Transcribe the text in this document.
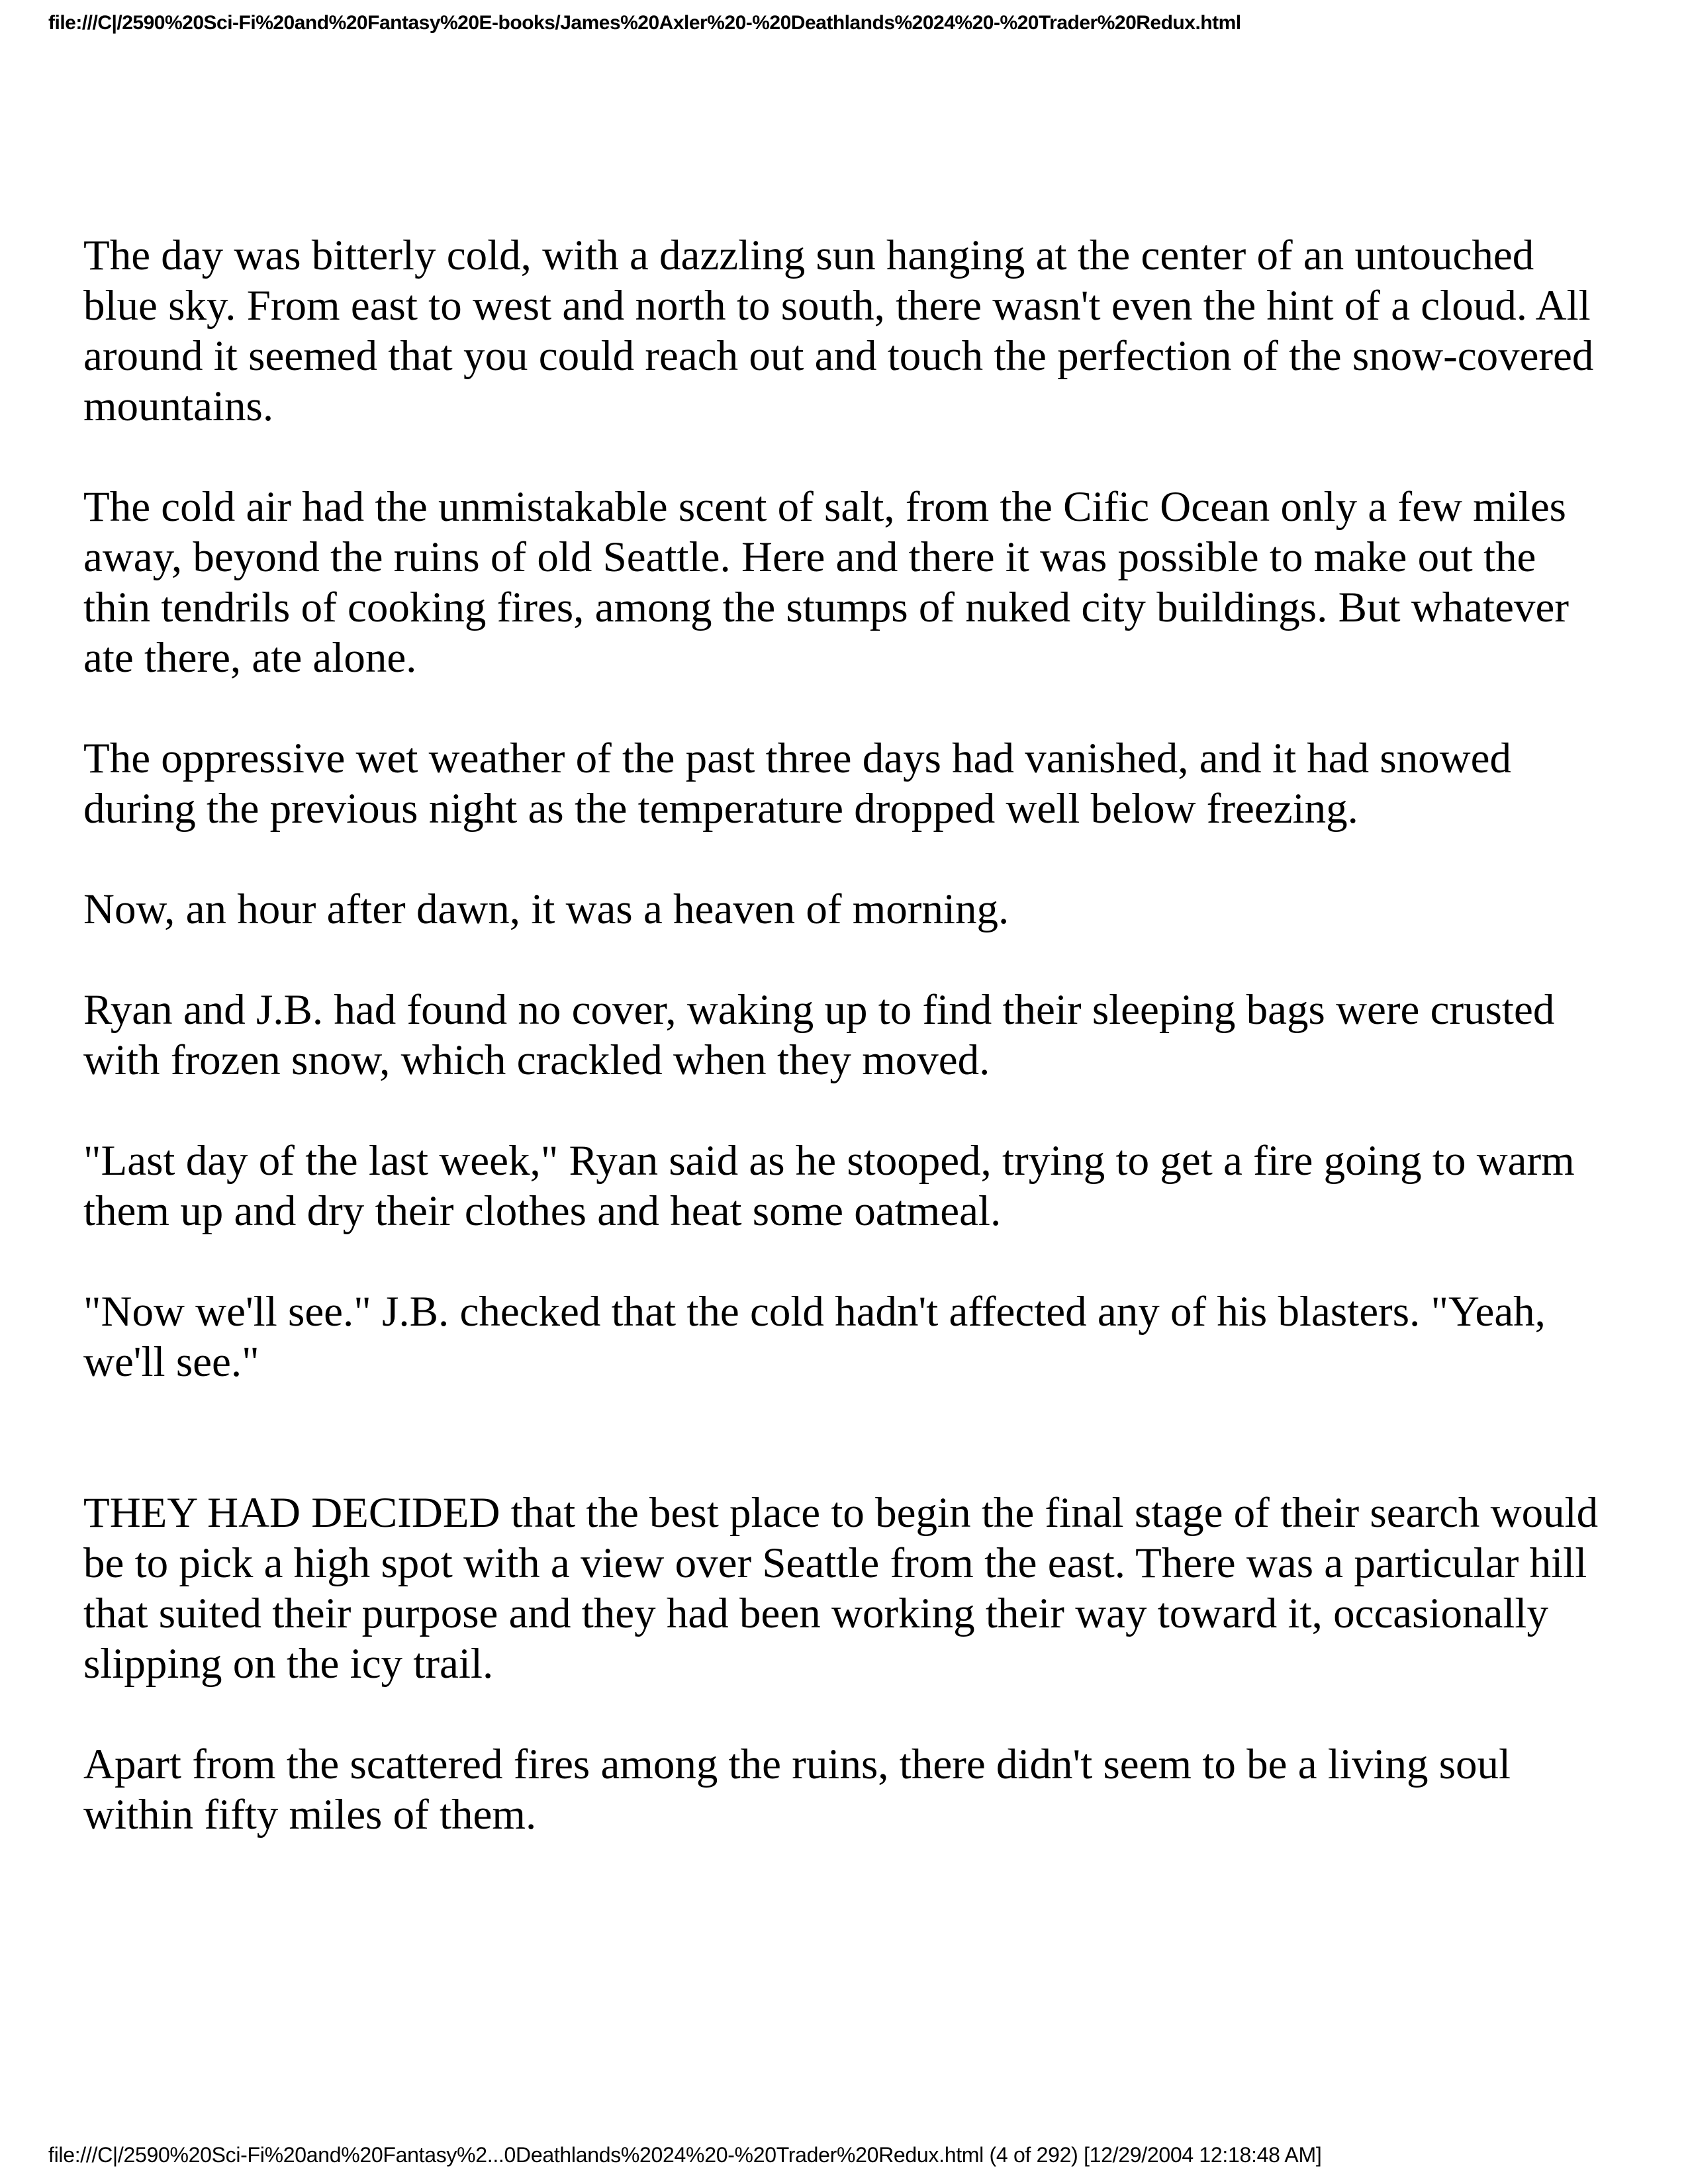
file:///C|/2590%20Sci-Fi%20and%20Fantasy%20E-books/James%20Axler%20-%20Deathlands%2024%20-%20Trader%20Redux.html

The day was bitterly cold, with a dazzling sun hanging at the center of an untouched blue sky. From east to west and north to south, there wasn't even the hint of a cloud. All around it seemed that you could reach out and touch the perfection of the snow-covered mountains.

The cold air had the unmistakable scent of salt, from the Cific Ocean only a few miles away, beyond the ruins of old Seattle. Here and there it was possible to make out the thin tendrils of cooking fires, among the stumps of nuked city buildings. But whatever ate there, ate alone.

The oppressive wet weather of the past three days had vanished, and it had snowed during the previous night as the temperature dropped well below freezing.

Now, an hour after dawn, it was a heaven of morning.

Ryan and J.B. had found no cover, waking up to find their sleeping bags were crusted with frozen snow, which crackled when they moved.

"Last day of the last week," Ryan said as he stooped, trying to get a fire going to warm them up and dry their clothes and heat some oatmeal.

"Now we'll see." J.B. checked that the cold hadn't affected any of his blasters. "Yeah, we'll see."

THEY HAD DECIDED that the best place to begin the final stage of their search would be to pick a high spot with a view over Seattle from the east. There was a particular hill that suited their purpose and they had been working their way toward it, occasionally slipping on the icy trail.

Apart from the scattered fires among the ruins, there didn't seem to be a living soul within fifty miles of them.

file:///C|/2590%20Sci-Fi%20and%20Fantasy%2...0Deathlands%2024%20-%20Trader%20Redux.html (4 of 292) [12/29/2004 12:18:48 AM]
